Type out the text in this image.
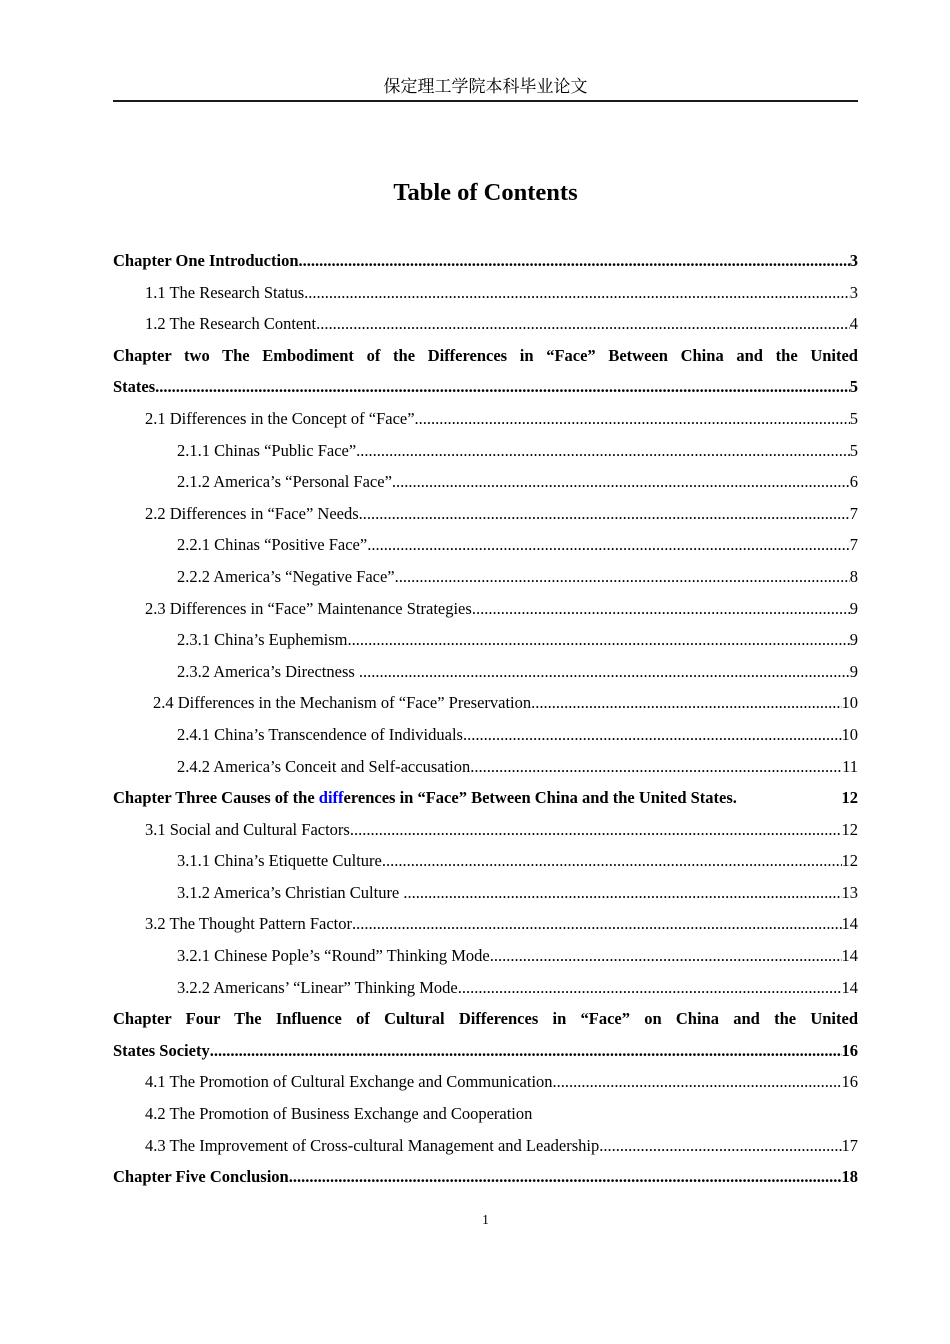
保定理工学院本科毕业论文
Table of Contents
Chapter One Introduction .....	3
1.1 The Research Status .....	3
1.2 The Research Content .....	4
Chapter two The Embodiment of the Differences in “Face” Between China and the United
States .....	5
2.1 Differences in the Concept of “Face” .....	5
2.1.1 Chinas “Public Face” .....	5
2.1.2 America’s “Personal Face” .....	6
2.2 Differences in “Face” Needs .....	7
2.2.1 Chinas “Positive Face” .....	7
2.2.2 America’s “Negative Face” .....	8
2.3 Differences in “Face” Maintenance Strategies .....	9
2.3.1 China’s Euphemism .....	9
2.3.2 America’s Directness .....	9
2.4 Differences in the Mechanism of “Face” Preservation .....	10
2.4.1 China’s Transcendence of Individuals .....	10
2.4.2 America’s Conceit and Self-accusation .....	11
Chapter Three Causes of the differences in “Face” Between China and the United States.	12
3.1 Social and Cultural Factors .....	12
3.1.1 China’s Etiquette Culture .....	12
3.1.2 America’s Christian Culture .....	13
3.2 The Thought Pattern Factor .....	14
3.2.1 Chinese Pople’s “Round” Thinking Mode .....	14
3.2.2 Americans’ “Linear” Thinking Mode .....	14
Chapter Four The Influence of Cultural Differences in “Face” on China and the United
States Society .....	16
4.1 The Promotion of Cultural Exchange and Communication .....	16
4.2 The Promotion of Business Exchange and Cooperation
4.3 The Improvement of Cross-cultural Management and Leadership .....	17
Chapter Five Conclusion .....	18
1
